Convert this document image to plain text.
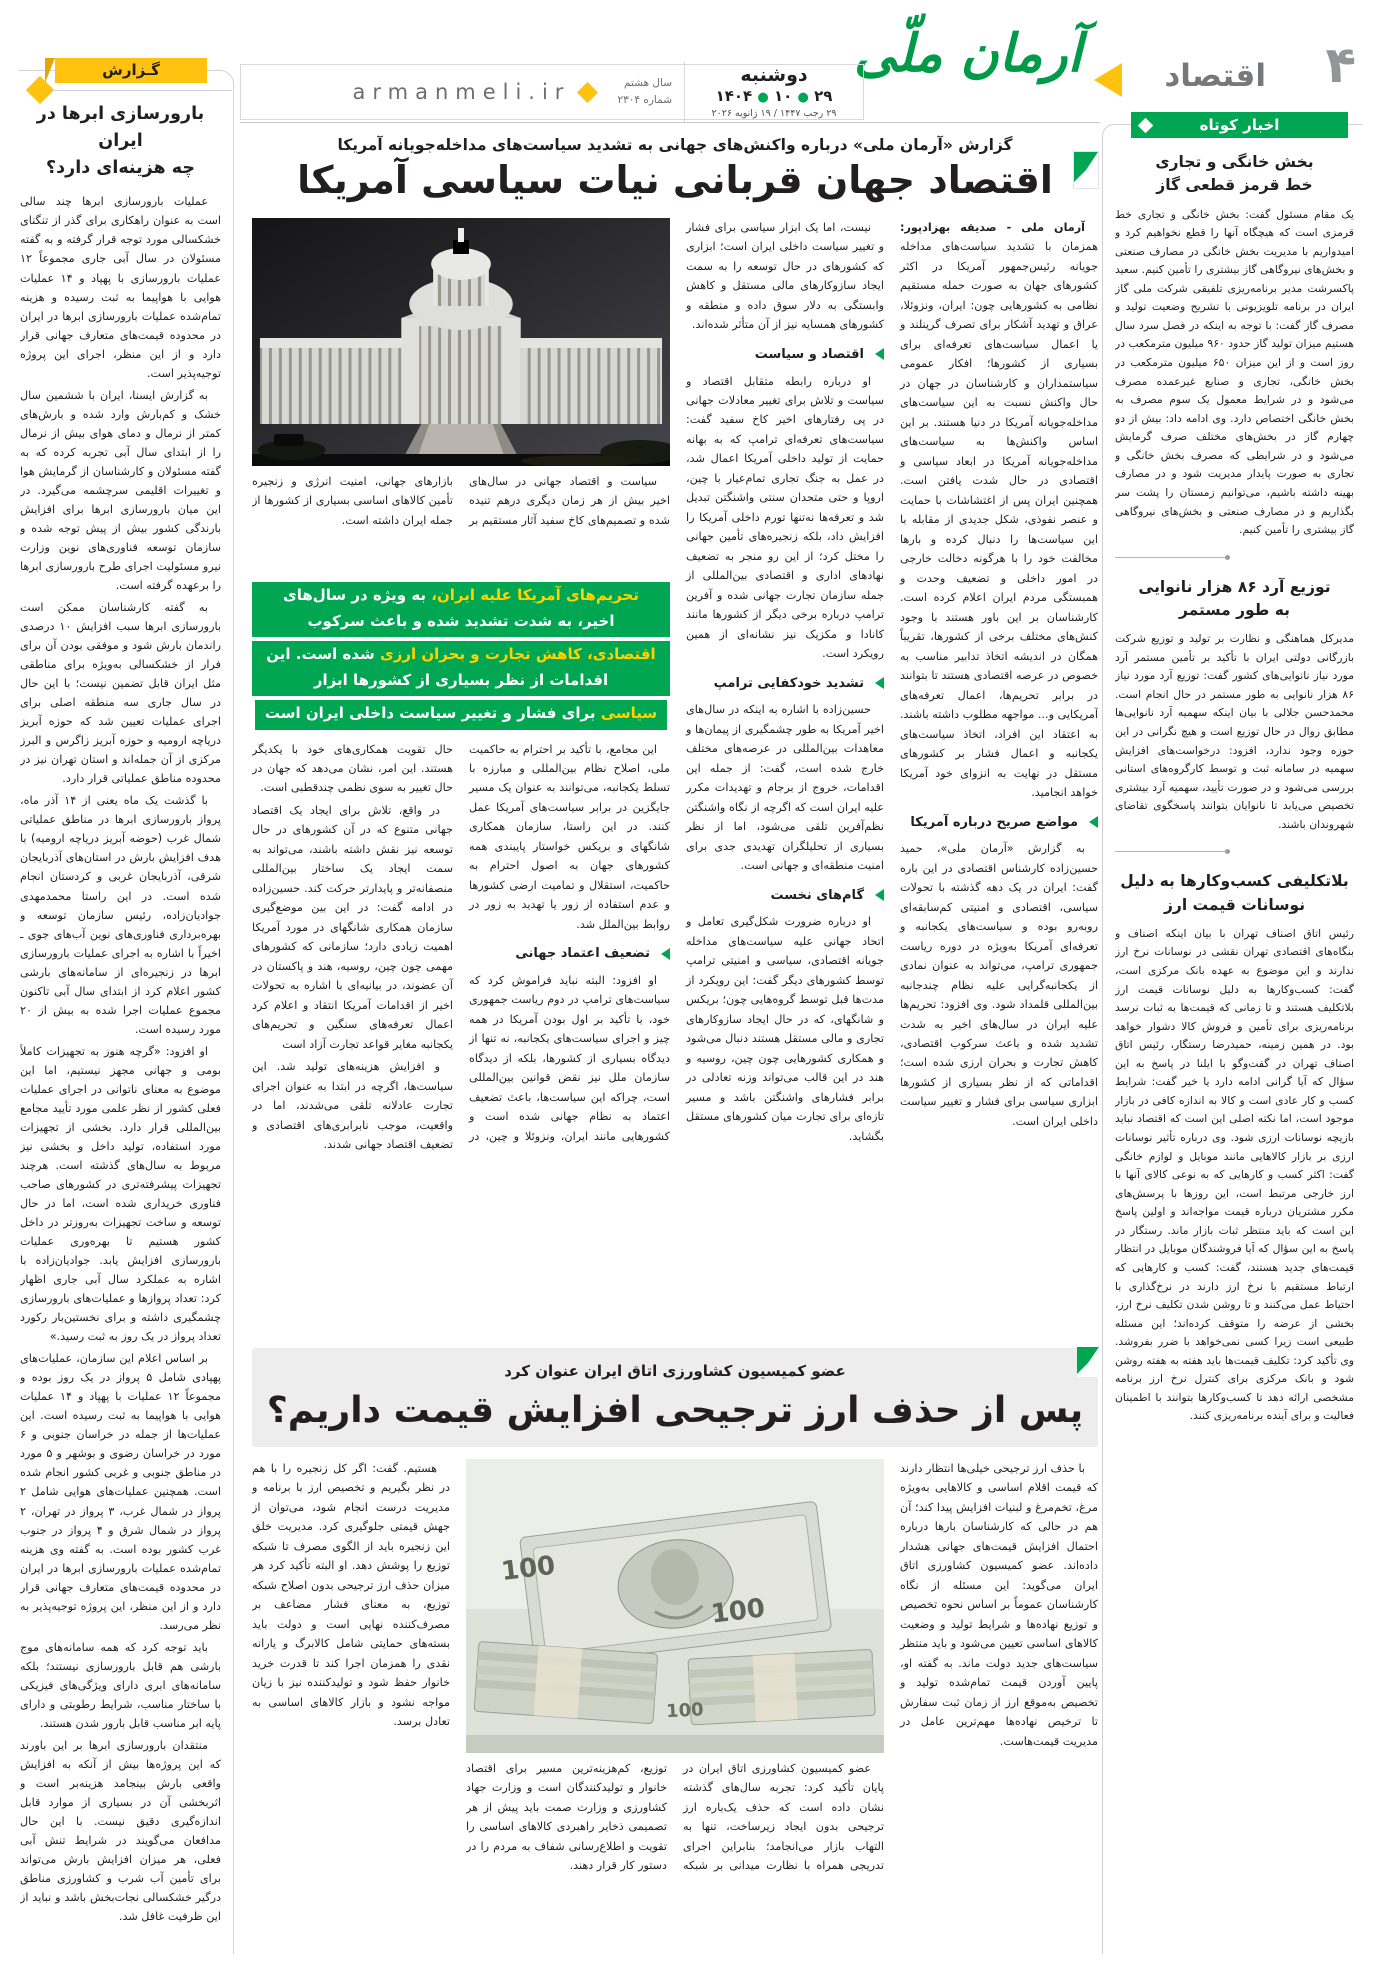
۴
اقتصاد
آرمان ملّی
دوشنبه
۲۹ ● ۱۰ ● ۱۴۰۴
۲۹ رجب ۱۴۴۷ / ۱۹ ژانویه ۲۰۲۶
سال هشتم
شماره ۲۳۰۴
armanmeli.ir
گـزارش
بارورسازی ابرها در ایران
چه هزینه‌ای دارد؟

عملیات بارورسازی ابرها چند سالی است به عنوان راهکاری برای گذر از تنگنای خشکسالی مورد توجه قرار گرفته و به گفته مسئولان در سال آبی جاری مجموعاً ۱۲ عملیات بارورسازی با پهپاد و ۱۴ عملیات هوایی با هواپیما به ثبت رسیده و هزینه تمام‌شده عملیات بارورسازی ابرها در ایران در محدوده قیمت‌های متعارف جهانی قرار دارد و از این منظر، اجرای این پروژه توجیه‌پذیر است.

به گزارش ایسنا، ایران با ششمین سال خشک و کم‌بارش وارد شده و بارش‌های کمتر از نرمال و دمای هوای بیش از نرمال را از ابتدای سال آبی تجربه کرده که به گفته مسئولان و کارشناسان از گرمایش هوا و تغییرات اقلیمی سرچشمه می‌گیرد. در این میان بارورسازی ابرها برای افزایش بارندگی کشور بیش از پیش توجه شده و سازمان توسعه فناوری‌های نوین وزارت نیرو مسئولیت اجرای طرح بارورسازی ابرها را برعهده گرفته است.

به گفته کارشناسان ممکن است بارورسازی ابرها سبب افزایش ۱۰ درصدی راندمان بارش شود و موفقی بودن آن برای فرار از خشکسالی به‌ویژه برای مناطقی مثل ایران قابل تضمین نیست؛ با این حال در سال جاری سه منطقه اصلی برای اجرای عملیات تعیین شد که حوزه آبریز دریاچه ارومیه و حوزه آبریز زاگرس و البرز مرکزی از آن جمله‌اند و استان تهران نیز در محدوده مناطق عملیاتی قرار دارد.

با گذشت یک ماه یعنی از ۱۴ آذر ماه، پرواز بارورسازی ابرها در مناطق عملیاتی شمال غرب (حوضه آبریز دریاچه ارومیه) با هدف افزایش بارش در استان‌های آذربایجان شرقی، آذربایجان غربی و کردستان انجام شده است. در این راستا محمدمهدی جوادیان‌زاده، رئیس سازمان توسعه و بهره‌برداری فناوری‌های نوین آب‌های جوی ـ اخیراً با اشاره به اجرای عملیات بارورسازی ابرها در زنجیره‌ای از سامانه‌های بارشی کشور اعلام کرد از ابتدای سال آبی تاکنون مجموع عملیات اجرا شده به بیش از ۲۰ مورد رسیده است.

او افزود: «گرچه هنوز به تجهیزات کاملاً بومی و جهانی مجهز نیستیم، اما این موضوع به معنای ناتوانی در اجرای عملیات فعلی کشور از نظر علمی مورد تأیید مجامع بین‌المللی قرار دارد. بخشی از تجهیزات مورد استفاده، تولید داخل و بخشی نیز مربوط به سال‌های گذشته است. هرچند تجهیزات پیشرفته‌تری در کشورهای صاحب فناوری خریداری شده است، اما در حال توسعه و ساخت تجهیزات به‌روزتر در داخل کشور هستیم تا بهره‌وری عملیات بارورسازی افزایش یابد. جوادیان‌زاده با اشاره به عملکرد سال آبی جاری اظهار کرد: تعداد پروازها و عملیات‌های بارورسازی چشمگیری داشته و برای نخستین‌بار رکورد تعداد پرواز در یک روز به ثبت رسید.»

بر اساس اعلام این سازمان، عملیات‌های پهپادی شامل ۵ پرواز در یک روز بوده و مجموعاً ۱۲ عملیات با پهپاد و ۱۴ عملیات هوایی با هواپیما به ثبت رسیده است. این عملیات‌ها از جمله در خراسان جنوبی و ۶ مورد در خراسان رضوی و بوشهر و ۵ مورد در مناطق جنوبی و غربی کشور انجام شده است. همچنین عملیات‌های هوایی شامل ۲ پرواز در شمال غرب، ۳ پرواز در تهران، ۲ پرواز در شمال شرق و ۴ پرواز در جنوب غرب کشور بوده است. به گفته وی هزینه تمام‌شده عملیات بارورسازی ابرها در ایران در محدوده قیمت‌های متعارف جهانی قرار دارد و از این منظر، این پروژه توجیه‌پذیر به نظر می‌رسد.

باید توجه کرد که همه سامانه‌های موج بارشی هم قابل بارورسازی نیستند؛ بلکه سامانه‌های ابری دارای ویژگی‌های فیزیکی با ساختار مناسب، شرایط رطوبتی و دارای پایه ابر مناسب قابل بارور شدن هستند.

منتقدان بارورسازی ابرها بر این باورند که این پروژه‌ها بیش از آنکه به افزایش واقعی بارش بینجامد هزینه‌بر است و اثربخشی آن در بسیاری از موارد قابل اندازه‌گیری دقیق نیست. با این حال مدافعان می‌گویند در شرایط تنش آبی فعلی، هر میزان افزایش بارش می‌تواند برای تأمین آب شرب و کشاورزی مناطق درگیر خشکسالی نجات‌بخش باشد و نباید از این ظرفیت غافل شد.

گزارش «آرمان ملی» درباره واکنش‌های جهانی به تشدید سیاست‌های مداخله‌جویانه آمریکا
اقتصاد جهان قربانی نیات سیاسی آمریکا

آرمان ملی - صدیقه بهزادپور: همزمان با تشدید سیاست‌های مداخله جویانه رئیس‌جمهور آمریکا در اکثر کشورهای جهان به صورت حمله مستقیم نظامی به کشورهایی چون: ایران، ونزوئلا، عراق و تهدید آشکار برای تصرف گرینلند و یا اعمال سیاست‌های تعرفه‌ای برای بسیاری از کشورها؛ افکار عمومی سیاستمداران و کارشناسان در جهان در حال واکنش نسبت به این سیاست‌های مداخله‌جویانه آمریکا در دنیا هستند. بر این اساس واکنش‌ها به سیاست‌های مداخله‌جویانه آمریکا در ابعاد سیاسی و اقتصادی در حال شدت یافتن است. همچنین ایران پس از اغتشاشات با حمایت و عنصر نفوذی، شکل جدیدی از مقابله با این سیاست‌ها را دنبال کرده و بارها مخالفت خود را با هرگونه دخالت خارجی در امور داخلی و تضعیف وحدت و همبستگی مردم ایران اعلام کرده است. کارشناسان بر این باور هستند با وجود کنش‌های مختلف برخی از کشورها، تقریباً همگان در اندیشه اتخاذ تدابیر مناسب به خصوص در عرصه اقتصادی هستند تا بتوانند در برابر تحریم‌ها، اعمال تعرفه‌های آمریکایی و... مواجهه مطلوب داشته باشند. به اعتقاد این افراد، اتخاذ سیاست‌های یکجانبه و اعمال فشار بر کشورهای مستقل در نهایت به انزوای خود آمریکا خواهد انجامید.

مواضع صریح درباره آمریکا

به گزارش «آرمان ملی»، حمید حسین‌زاده کارشناس اقتصادی در این باره گفت: ایران در یک دهه گذشته با تحولات سیاسی، اقتصادی و امنیتی کم‌سابقه‌ای روبه‌رو بوده و سیاست‌های یکجانبه و تعرفه‌ای آمریکا به‌ویژه در دوره ریاست جمهوری ترامپ، می‌تواند به عنوان نمادی از یکجانبه‌گرایی علیه نظام چندجانبه بین‌المللی قلمداد شود. وی افزود: تحریم‌ها علیه ایران در سال‌های اخیر به شدت تشدید شده و باعث سرکوب اقتصادی، کاهش تجارت و بحران ارزی شده است؛ اقداماتی که از نظر بسیاری از کشورها ابزاری سیاسی برای فشار و تغییر سیاست داخلی ایران است.

نیست، اما یک ابزار سیاسی برای فشار و تغییر سیاست داخلی ایران است؛ ابزاری که کشورهای در حال توسعه را به سمت ایجاد سازوکارهای مالی مستقل و کاهش وابستگی به دلار سوق داده و منطقه و کشورهای همسایه نیز از آن متأثر شده‌اند.

اقتصاد و سیاست

او درباره رابطه متقابل اقتصاد و سیاست و تلاش برای تغییر معادلات جهانی در پی رفتارهای اخیر کاخ سفید گفت: سیاست‌های تعرفه‌ای ترامپ که به بهانه حمایت از تولید داخلی آمریکا اعمال شد، در عمل به جنگ تجاری تمام‌عیار با چین، اروپا و حتی متحدان سنتی واشنگتن تبدیل شد و تعرفه‌ها نه‌تنها تورم داخلی آمریکا را افزایش داد، بلکه زنجیره‌های تأمین جهانی را مختل کرد؛ از این رو منجر به تضعیف نهادهای اداری و اقتصادی بین‌المللی از جمله سازمان تجارت جهانی شده و آفرین ترامپ درباره برخی دیگر از کشورها مانند کانادا و مکزیک نیز نشانه‌ای از همین رویکرد است.

تشدید خودکفایی ترامپ

حسین‌زاده با اشاره به اینکه در سال‌های اخیر آمریکا به طور چشمگیری از پیمان‌ها و معاهدات بین‌المللی در عرصه‌های مختلف خارج شده است، گفت: از جمله این اقدامات، خروج از برجام و تهدیدات مکرر علیه ایران است که اگرچه از نگاه واشنگتن نظم‌آفرین تلقی می‌شود، اما از نظر بسیاری از تحلیلگران تهدیدی جدی برای امنیت منطقه‌ای و جهانی است.

گام‌های نخست

او درباره ضرورت شکل‌گیری تعامل و اتحاد جهانی علیه سیاست‌های مداخله جویانه اقتصادی، سیاسی و امنیتی ترامپ توسط کشورهای دیگر گفت: این رویکرد از مدت‌ها قبل توسط گروه‌هایی چون؛ بریکس و شانگهای، که در حال ایجاد سازوکارهای تجاری و مالی مستقل هستند دنبال می‌شود و همکاری کشورهایی چون چین، روسیه و هند در این قالب می‌تواند وزنه تعادلی در برابر فشارهای واشنگتن باشد و مسیر تازه‌ای برای تجارت میان کشورهای مستقل بگشاید.

سیاست و اقتصاد جهانی در سال‌های اخیر بیش از هر زمان دیگری درهم تنیده شده و تصمیم‌های کاخ سفید آثار مستقیم بر بازارهای جهانی، امنیت انرژی و زنجیره تأمین کالاهای اساسی بسیاری از کشورها از جمله ایران داشته است.

تحریم‌های آمریکا علیه ایران، به ویژه در سال‌های اخیر، به شدت تشدید شده و باعث سرکوب
اقتصادی، کاهش تجارت و بحران ارزی شده است. این اقدامات از نظر بسیاری از کشورها ابزار
سیاسی برای فشار و تغییر سیاست داخلی ایران است

این مجامع، با تأکید بر احترام به حاکمیت ملی، اصلاح نظام بین‌المللی و مبارزه با تسلط یکجانبه، می‌توانند به عنوان یک مسیر جایگزین در برابر سیاست‌های آمریکا عمل کنند. در این راستا، سازمان همکاری شانگهای و بریکس خواستار پایبندی همه کشورهای جهان به اصول احترام به حاکمیت، استقلال و تمامیت ارضی کشورها و عدم استفاده از زور یا تهدید به زور در روابط بین‌الملل شد.

تضعیف اعتماد جهانی

او افزود: البته نباید فراموش کرد که سیاست‌های ترامپ در دوم ریاست جمهوری خود، با تأکید بر اول بودن آمریکا در همه چیز و اجرای سیاست‌های یکجانبه، نه تنها از دیدگاه بسیاری از کشورها، بلکه از دیدگاه سازمان ملل نیز نقض قوانین بین‌المللی است، چراکه این سیاست‌ها، باعث تضعیف اعتماد به نظام جهانی شده است و کشورهایی مانند ایران، ونزوئلا و چین، در حال تقویت همکاری‌های خود با یکدیگر هستند. این امر، نشان می‌دهد که جهان در حال تغییر به سوی نظمی چندقطبی است.

در واقع، تلاش برای ایجاد یک اقتصاد جهانی متنوع که در آن کشورهای در حال توسعه نیز نقش داشته باشند، می‌تواند به سمت ایجاد یک ساختار بین‌المللی منصفانه‌تر و پایدارتر حرکت کند. حسین‌زاده در ادامه گفت: در این بین موضع‌گیری سازمان همکاری شانگهای در مورد آمریکا اهمیت زیادی دارد؛ سازمانی که کشورهای مهمی چون چین، روسیه، هند و پاکستان در آن عضوند، در بیانیه‌ای با اشاره به تحولات اخیر از اقدامات آمریکا انتقاد و اعلام کرد اعمال تعرفه‌های سنگین و تحریم‌های یکجانبه مغایر قواعد تجارت آزاد است

و افزایش هزینه‌های تولید شد. این سیاست‌ها، اگرچه در ابتدا به عنوان اجرای تجارت عادلانه تلقی می‌شدند، اما در واقعیت، موجب نابرابری‌های اقتصادی و تضعیف اقتصاد جهانی شدند.

اخبار کوتاه
بخش خانگی و تجاری
خط قرمز قطعی گاز
یک مقام مسئول گفت: بخش خانگی و تجاری خط قرمزی است که هیچگاه آنها را قطع نخواهیم کرد و امیدواریم با مدیریت بخش خانگی در مصارف صنعتی و بخش‌های نیروگاهی گاز بیشتری را تأمین کنیم. سعید پاکسرشت مدیر برنامه‌ریزی تلفیقی شرکت ملی گاز ایران در برنامه تلویزیونی با تشریح وضعیت تولید و مصرف گاز گفت: با توجه به اینکه در فصل سرد سال هستیم میزان تولید گاز حدود ۹۶۰ میلیون مترمکعب در روز است و از این میزان ۶۵۰ میلیون مترمکعب در بخش خانگی، تجاری و صنایع غیرعمده مصرف می‌شود و در شرایط معمول یک سوم مصرف به بخش خانگی اختصاص دارد. وی ادامه داد: بیش از دو چهارم گاز در بخش‌های مختلف صرف گرمایش می‌شود و در شرایطی که مصرف بخش خانگی و تجاری به صورت پایدار مدیریت شود و در مصارف بهینه داشته باشیم، می‌توانیم زمستان را پشت سر بگذاریم و در مصارف صنعتی و بخش‌های نیروگاهی گاز بیشتری را تأمین کنیم.
توزیع آرد ۸۶ هزار نانوایی
به طور مستمر
مدیرکل هماهنگی و نظارت بر تولید و توزیع شرکت بازرگانی دولتی ایران با تأکید بر تأمین مستمر آرد مورد نیاز نانوایی‌های کشور گفت: توزیع آرد مورد نیاز ۸۶ هزار نانوایی به طور مستمر در حال انجام است. محمدحسن جلالی با بیان اینکه سهمیه آرد نانوایی‌ها مطابق روال در حال توزیع است و هیچ نگرانی در این حوزه وجود ندارد، افزود: درخواست‌های افزایش سهمیه در سامانه ثبت و توسط کارگروه‌های استانی بررسی می‌شود و در صورت تأیید، سهمیه آرد بیشتری تخصیص می‌یابد تا نانوایان بتوانند پاسخگوی تقاضای شهروندان باشند.
بلاتکلیفی کسب‌وکارها به دلیل
نوسانات قیمت ارز
رئیس اتاق اصناف تهران با بیان اینکه اصناف و بنگاه‌های اقتصادی تهران نقشی در نوسانات نرخ ارز ندارند و این موضوع به عهده بانک مرکزی است، گفت: کسب‌وکارها به دلیل نوسانات قیمت ارز بلاتکلیف هستند و تا زمانی که قیمت‌ها به ثبات نرسد برنامه‌ریزی برای تأمین و فروش کالا دشوار خواهد بود. در همین زمینه، حمیدرضا رستگار، رئیس اتاق اصناف تهران در گفت‌وگو با ایلنا در پاسخ به این سؤال که آیا گرانی ادامه دارد یا خیر گفت: شرایط کسب و کار عادی است و کالا به اندازه کافی در بازار موجود است، اما نکته اصلی این است که اقتصاد نباید بازیچه نوسانات ارزی شود. وی درباره تأثیر نوسانات ارزی بر بازار کالاهایی مانند موبایل و لوازم خانگی گفت: اکثر کسب و کارهایی که به نوعی کالای آنها با ارز خارجی مرتبط است، این روزها با پرسش‌های مکرر مشتریان درباره قیمت مواجه‌اند و اولین پاسخ این است که باید منتظر ثبات بازار ماند. رستگار در پاسخ به این سؤال که آیا فروشندگان موبایل در انتظار قیمت‌های جدید هستند، گفت: کسب و کارهایی که ارتباط مستقیم با نرخ ارز دارند در نرخ‌گذاری با احتیاط عمل می‌کنند و تا روشن شدن تکلیف نرخ ارز، بخشی از عرضه را متوقف کرده‌اند؛ این مسئله طبیعی است زیرا کسی نمی‌خواهد با ضرر بفروشد. وی تأکید کرد: تکلیف قیمت‌ها باید هفته به هفته روشن شود و بانک مرکزی برای کنترل نرخ ارز برنامه مشخصی ارائه دهد تا کسب‌وکارها بتوانند با اطمینان فعالیت و برای آینده برنامه‌ریزی کنند.
عضو کمیسیون کشاورزی اتاق ایران عنوان کرد
پس از حذف ارز ترجیحی افزایش قیمت داریم؟

با حذف ارز ترجیحی خیلی‌ها انتظار دارند که قیمت اقلام اساسی و کالاهایی به‌ویژه مرغ، تخم‌مرغ و لبنیات افزایش پیدا کند؛ آن هم در حالی که کارشناسان بارها درباره احتمال افزایش قیمت‌های جهانی هشدار داده‌اند. عضو کمیسیون کشاورزی اتاق ایران می‌گوید: این مسئله از نگاه کارشناسان عموماً بر اساس نحوه تخصیص و توزیع نهاده‌ها و شرایط تولید و وضعیت کالاهای اساسی تعیین می‌شود و باید منتظر سیاست‌های جدید دولت ماند. به گفته او، پایین آوردن قیمت تمام‌شده تولید و تخصیص به‌موقع ارز از زمان ثبت سفارش تا ترخیص نهاده‌ها مهم‌ترین عامل در مدیریت قیمت‌هاست.

100
100
100

عضو کمیسیون کشاورزی اتاق ایران در پایان تأکید کرد: تجربه سال‌های گذشته نشان داده است که حذف یک‌باره ارز ترجیحی بدون ایجاد زیرساخت، تنها به التهاب بازار می‌انجامد؛ بنابراین اجرای تدریجی همراه با نظارت میدانی بر شبکه توزیع، کم‌هزینه‌ترین مسیر برای اقتصاد خانوار و تولیدکنندگان است و وزارت جهاد کشاورزی و وزارت صمت باید پیش از هر تصمیمی ذخایر راهبردی کالاهای اساسی را تقویت و اطلاع‌رسانی شفاف به مردم را در دستور کار قرار دهند.

هستیم. گفت: اگر کل زنجیره را با هم در نظر بگیریم و تخصیص ارز با برنامه و مدیریت درست انجام شود، می‌توان از جهش قیمتی جلوگیری کرد. مدیریت خلق این زنجیره باید از الگوی مصرف تا شبکه توزیع را پوشش دهد. او البته تأکید کرد هر میزان حذف ارز ترجیحی بدون اصلاح شبکه توزیع، به معنای فشار مضاعف بر مصرف‌کننده نهایی است و دولت باید بسته‌های حمایتی شامل کالابرگ و یارانه نقدی را همزمان اجرا کند تا قدرت خرید خانوار حفظ شود و تولیدکننده نیز با زیان مواجه نشود و بازار کالاهای اساسی به تعادل برسد.
